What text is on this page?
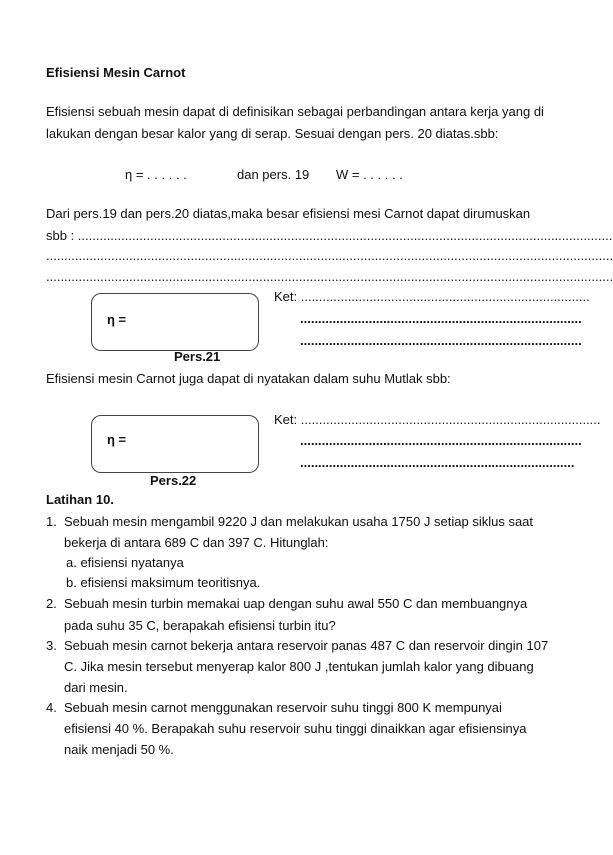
Efisiensi Mesin Carnot
Efisiensi sebuah mesin dapat di definisikan sebagai perbandingan antara kerja yang di
lakukan dengan besar kalor yang di serap. Sesuai dengan pers. 20 diatas.sbb:
η = . . . . . .	dan pers. 19 W = . . . . . .
Dari pers.19 dan pers.20 diatas,maka besar efisiensi mesi Carnot dapat dirumuskan
sbb : ....................................................................................................................................................
.............................................................................................................................................................
.............................................................................................................................................................
η =
Pers.21
Ket: ................................................................................
..............................................................................
..............................................................................
Efisiensi mesin Carnot juga dapat di nyatakan dalam suhu Mutlak sbb:
η =
Pers.22
Ket: ...................................................................................
..............................................................................
............................................................................
Latihan 10.
1. Sebuah mesin mengambil 9220 J dan melakukan usaha 1750 J setiap siklus saat
bekerja di antara 689 C dan 397 C. Hitunglah:
a. efisiensi nyatanya
b. efisiensi maksimum teoritisnya.
2. Sebuah mesin turbin memakai uap dengan suhu awal 550 C dan membuangnya
pada suhu 35 C, berapakah efisiensi turbin itu?
3. Sebuah mesin carnot bekerja antara reservoir panas 487 C dan reservoir dingin 107
C. Jika mesin tersebut menyerap kalor 800 J ,tentukan jumlah kalor yang dibuang
dari mesin.
4. Sebuah mesin carnot menggunakan reservoir suhu tinggi 800 K mempunyai
efisiensi 40 %. Berapakah suhu reservoir suhu tinggi dinaikkan agar efisiensinya
naik menjadi 50 %.
